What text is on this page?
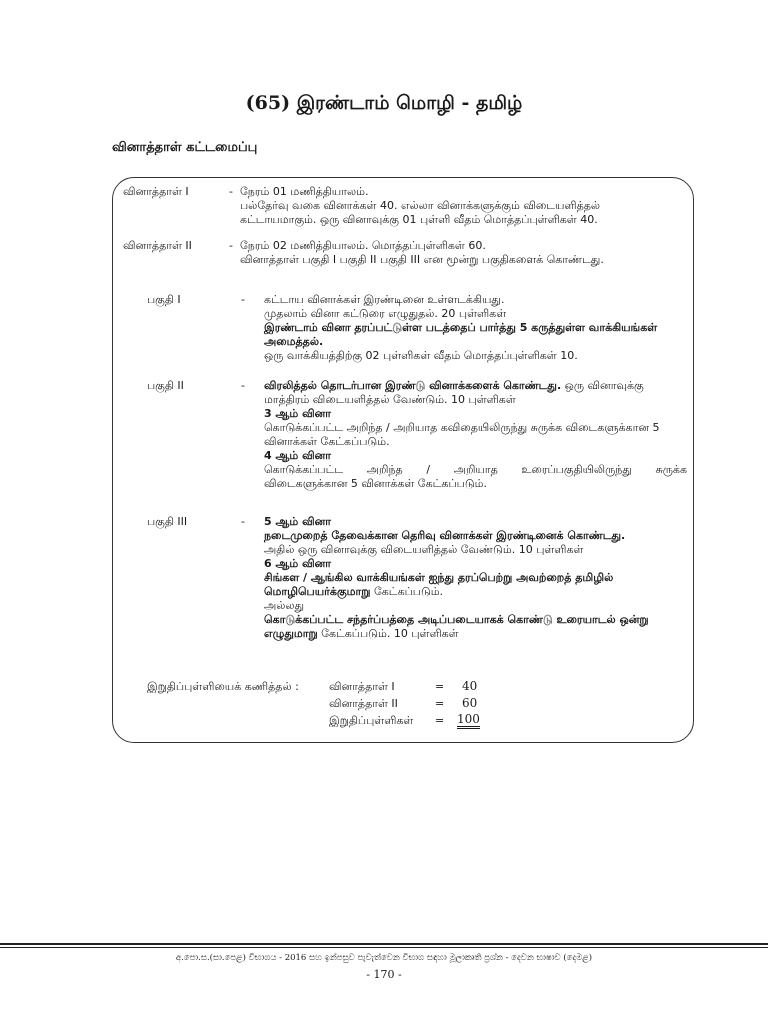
(65) இரண்டாம் மொழி - தமிழ்
வினாத்தாள் கட்டமைப்பு
வினாத்தாள் I	- நேரம் 01 மணித்தியாலம்.

பல்தேர்வு வகை வினாக்கள் 40. எல்லா வினாக்களுக்கும் விடையளித்தல்

கட்டாயமாகும். ஒரு வினாவுக்கு 01 புள்ளி வீதம் மொத்தப்புள்ளிகள் 40.

வினாத்தாள் II	- நேரம் 02 மணித்தியாலம். மொத்தப்புள்ளிகள் 60.

வினாத்தாள் பகுதி I பகுதி II பகுதி III என மூன்று பகுதிகளைக் கொண்டது.

பகுதி I	- கட்டாய வினாக்கள் இரண்டினை உள்ளடக்கியது.

முதலாம் வினா கட்டுரை எழுதுதல். 20 புள்ளிகள்

இரண்டாம் வினா தரப்பட்டுள்ள படத்தைப் பார்த்து 5 கருத்துள்ள வாக்கியங்கள் அமைத்தல்.

ஒரு வாக்கியத்திற்கு 02 புள்ளிகள் வீதம் மொத்தப்புள்ளிகள் 10.

பகுதி II	- விரலித்தல் தொடர்பான இரண்டு வினாக்களைக் கொண்டது. ஒரு வினாவுக்கு

மாத்திரம் விடையளித்தல் வேண்டும். 10 புள்ளிகள்

3 ஆம் வினா

கொடுக்கப்பட்ட அறிந்த / அறியாத கவிதையிலிருந்து சுருக்க விடைகளுக்கான 5 வினாக்கள் கேட்கப்படும்.

4 ஆம் வினா

கொடுக்கப்பட்ட அறிந்த / அறியாத உரைப்பகுதியிலிருந்து சுருக்க

விடைகளுக்கான 5 வினாக்கள் கேட்கப்படும்.

பகுதி III	- 5 ஆம் வினா

நடைமுறைத் தேவைக்கான தெரிவு வினாக்கள் இரண்டினைக் கொண்டது.

அதில் ஒரு வினாவுக்கு விடையளித்தல் வேண்டும். 10 புள்ளிகள்

6 ஆம் வினா

சிங்கள / ஆங்கில வாக்கியங்கள் ஐந்து தரப்பெற்று அவற்றைத் தமிழில் மொழிபெயர்க்குமாறு கேட்கப்படும்.

அல்லது

கொடுக்கப்பட்ட சந்தர்ப்பத்தை அடிப்படையாகக் கொண்டு உரையாடல் ஒன்று எழுதுமாறு கேட்கப்படும். 10 புள்ளிகள்

இறுதிப்புள்ளியைக் கணித்தல் :	வினாத்தாள் I	= 40
வினாத்தாள் II	= 60
இறுதிப்புள்ளிகள் = 100
අ.පො.ස.(සා.පෙළ) විභාගය - 2016 සහ ඉන්පසුව පැවැත්වෙන විභාග සඳහා මූලාකෘති ප්‍රශ්න - දෙවන භාෂාව (දෙමළ)
- 170 -
